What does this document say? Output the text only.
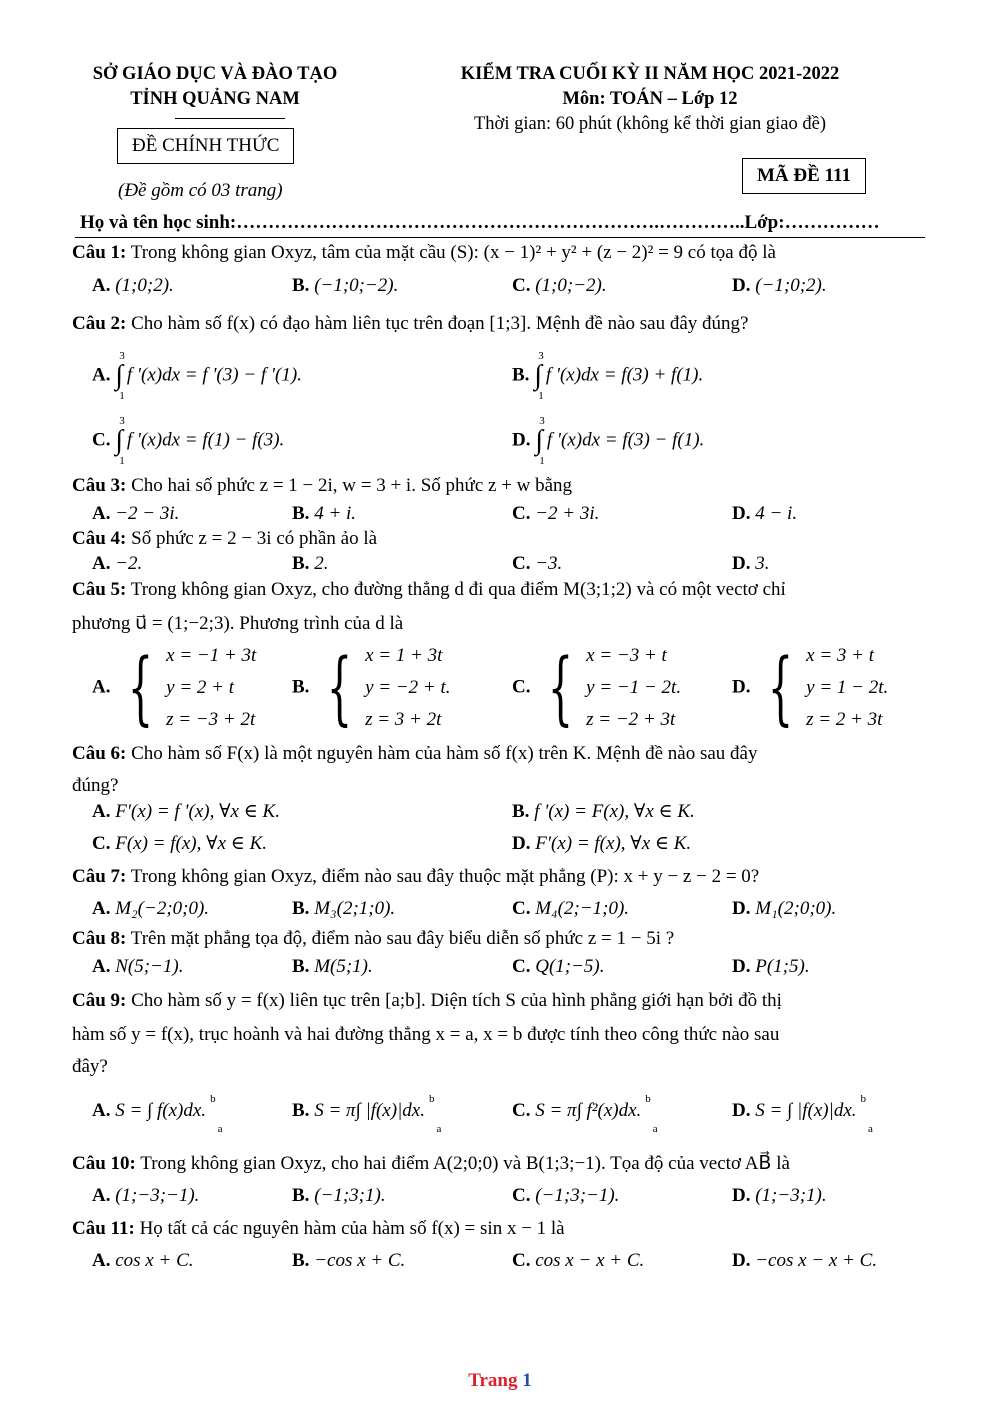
SỞ GIÁO DỤC VÀ ĐÀO TẠO
TỈNH QUẢNG NAM
ĐỀ CHÍNH THỨC
(Đề gồm có 03 trang)
KIỂM TRA CUỐI KỲ II NĂM HỌC 2021-2022
Môn: TOÁN – Lớp 12
Thời gian: 60 phút (không kể thời gian giao đề)
MÃ ĐỀ 111
Họ và tên học sinh:………………………………………………………….…………..Lớp:……………
Câu 1: Trong không gian Oxyz, tâm của mặt cầu (S): (x − 1)² + y² + (z − 2)² = 9 có tọa độ là
A. (1;0;2).	B. (−1;0;−2).	C. (1;0;−2).	D. (−1;0;2).
Câu 2: Cho hàm số f(x) có đạo hàm liên tục trên đoạn [1;3]. Mệnh đề nào sau đây đúng?
A. ∫
3
1
f '(x)dx = f '(3) − f '(1).	B. ∫
3
1
f '(x)dx = f(3) + f(1).
C. ∫
3
1
f '(x)dx = f(1) − f(3).	D. ∫
3
1
f '(x)dx = f(3) − f(1).
Câu 3: Cho hai số phức z = 1 − 2i, w = 3 + i. Số phức z + w bằng
A. −2 − 3i.	B. 4 + i.	C. −2 + 3i.	D. 4 − i.
Câu 4: Số phức z = 2 − 3i có phần ảo là
A. −2.	B. 2.	C. −3.	D. 3.
Câu 5: Trong không gian Oxyz, cho đường thẳng d đi qua điểm M(3;1;2) và có một vectơ chỉ
phương u⃗ = (1;−2;3). Phương trình của d là
A. { x = −1 + 3t
y = 2 + t
z = −3 + 2t
B. { x = 1 + 3t
y = −2 + t.
z = 3 + 2t
C. { x = −3 + t
y = −1 − 2t.
z = −2 + 3t
D. { x = 3 + t
y = 1 − 2t.
z = 2 + 3t
Câu 6: Cho hàm số F(x) là một nguyên hàm của hàm số f(x) trên K. Mệnh đề nào sau đây
đúng?
A. F′(x) = f '(x), ∀x ∈ K.	B. f '(x) = F(x), ∀x ∈ K.
C. F(x) = f(x), ∀x ∈ K.	D. F′(x) = f(x), ∀x ∈ K.
Câu 7: Trong không gian Oxyz, điểm nào sau đây thuộc mặt phẳng (P): x + y − z − 2 = 0?
A. M₂(−2;0;0).	B. M₃(2;1;0).	C. M₄(2;−1;0).	D. M₁(2;0;0).
Câu 8: Trên mặt phẳng tọa độ, điểm nào sau đây biểu diễn số phức z = 1 − 5i ?
A. N(5;−1).	B. M(5;1).	C. Q(1;−5).	D. P(1;5).
Câu 9: Cho hàm số y = f(x) liên tục trên [a;b]. Diện tích S của hình phẳng giới hạn bởi đồ thị
hàm số y = f(x), trục hoành và hai đường thẳng x = a, x = b được tính theo công thức nào sau
đây?
A. S = ∫ f(x)dx.$^{ba}$
B. S = π∫ |f(x)|dx.$^{ba}$
C. S = π∫ f²(x)dx.$^{ba}$
D. S = ∫ |f(x)|dx.$^{ba}$
Câu 10: Trong không gian Oxyz, cho hai điểm A(2;0;0) và B(1;3;−1). Tọa độ của vectơ AB⃗ là
A. (1;−3;−1).	B. (−1;3;1).	C. (−1;3;−1).	D. (1;−3;1).
Câu 11: Họ tất cả các nguyên hàm của hàm số f(x) = sin x − 1 là
A. cos x + C.	B. −cos x + C.	C. cos x − x + C.	D. −cos x − x + C.
Trang 1
